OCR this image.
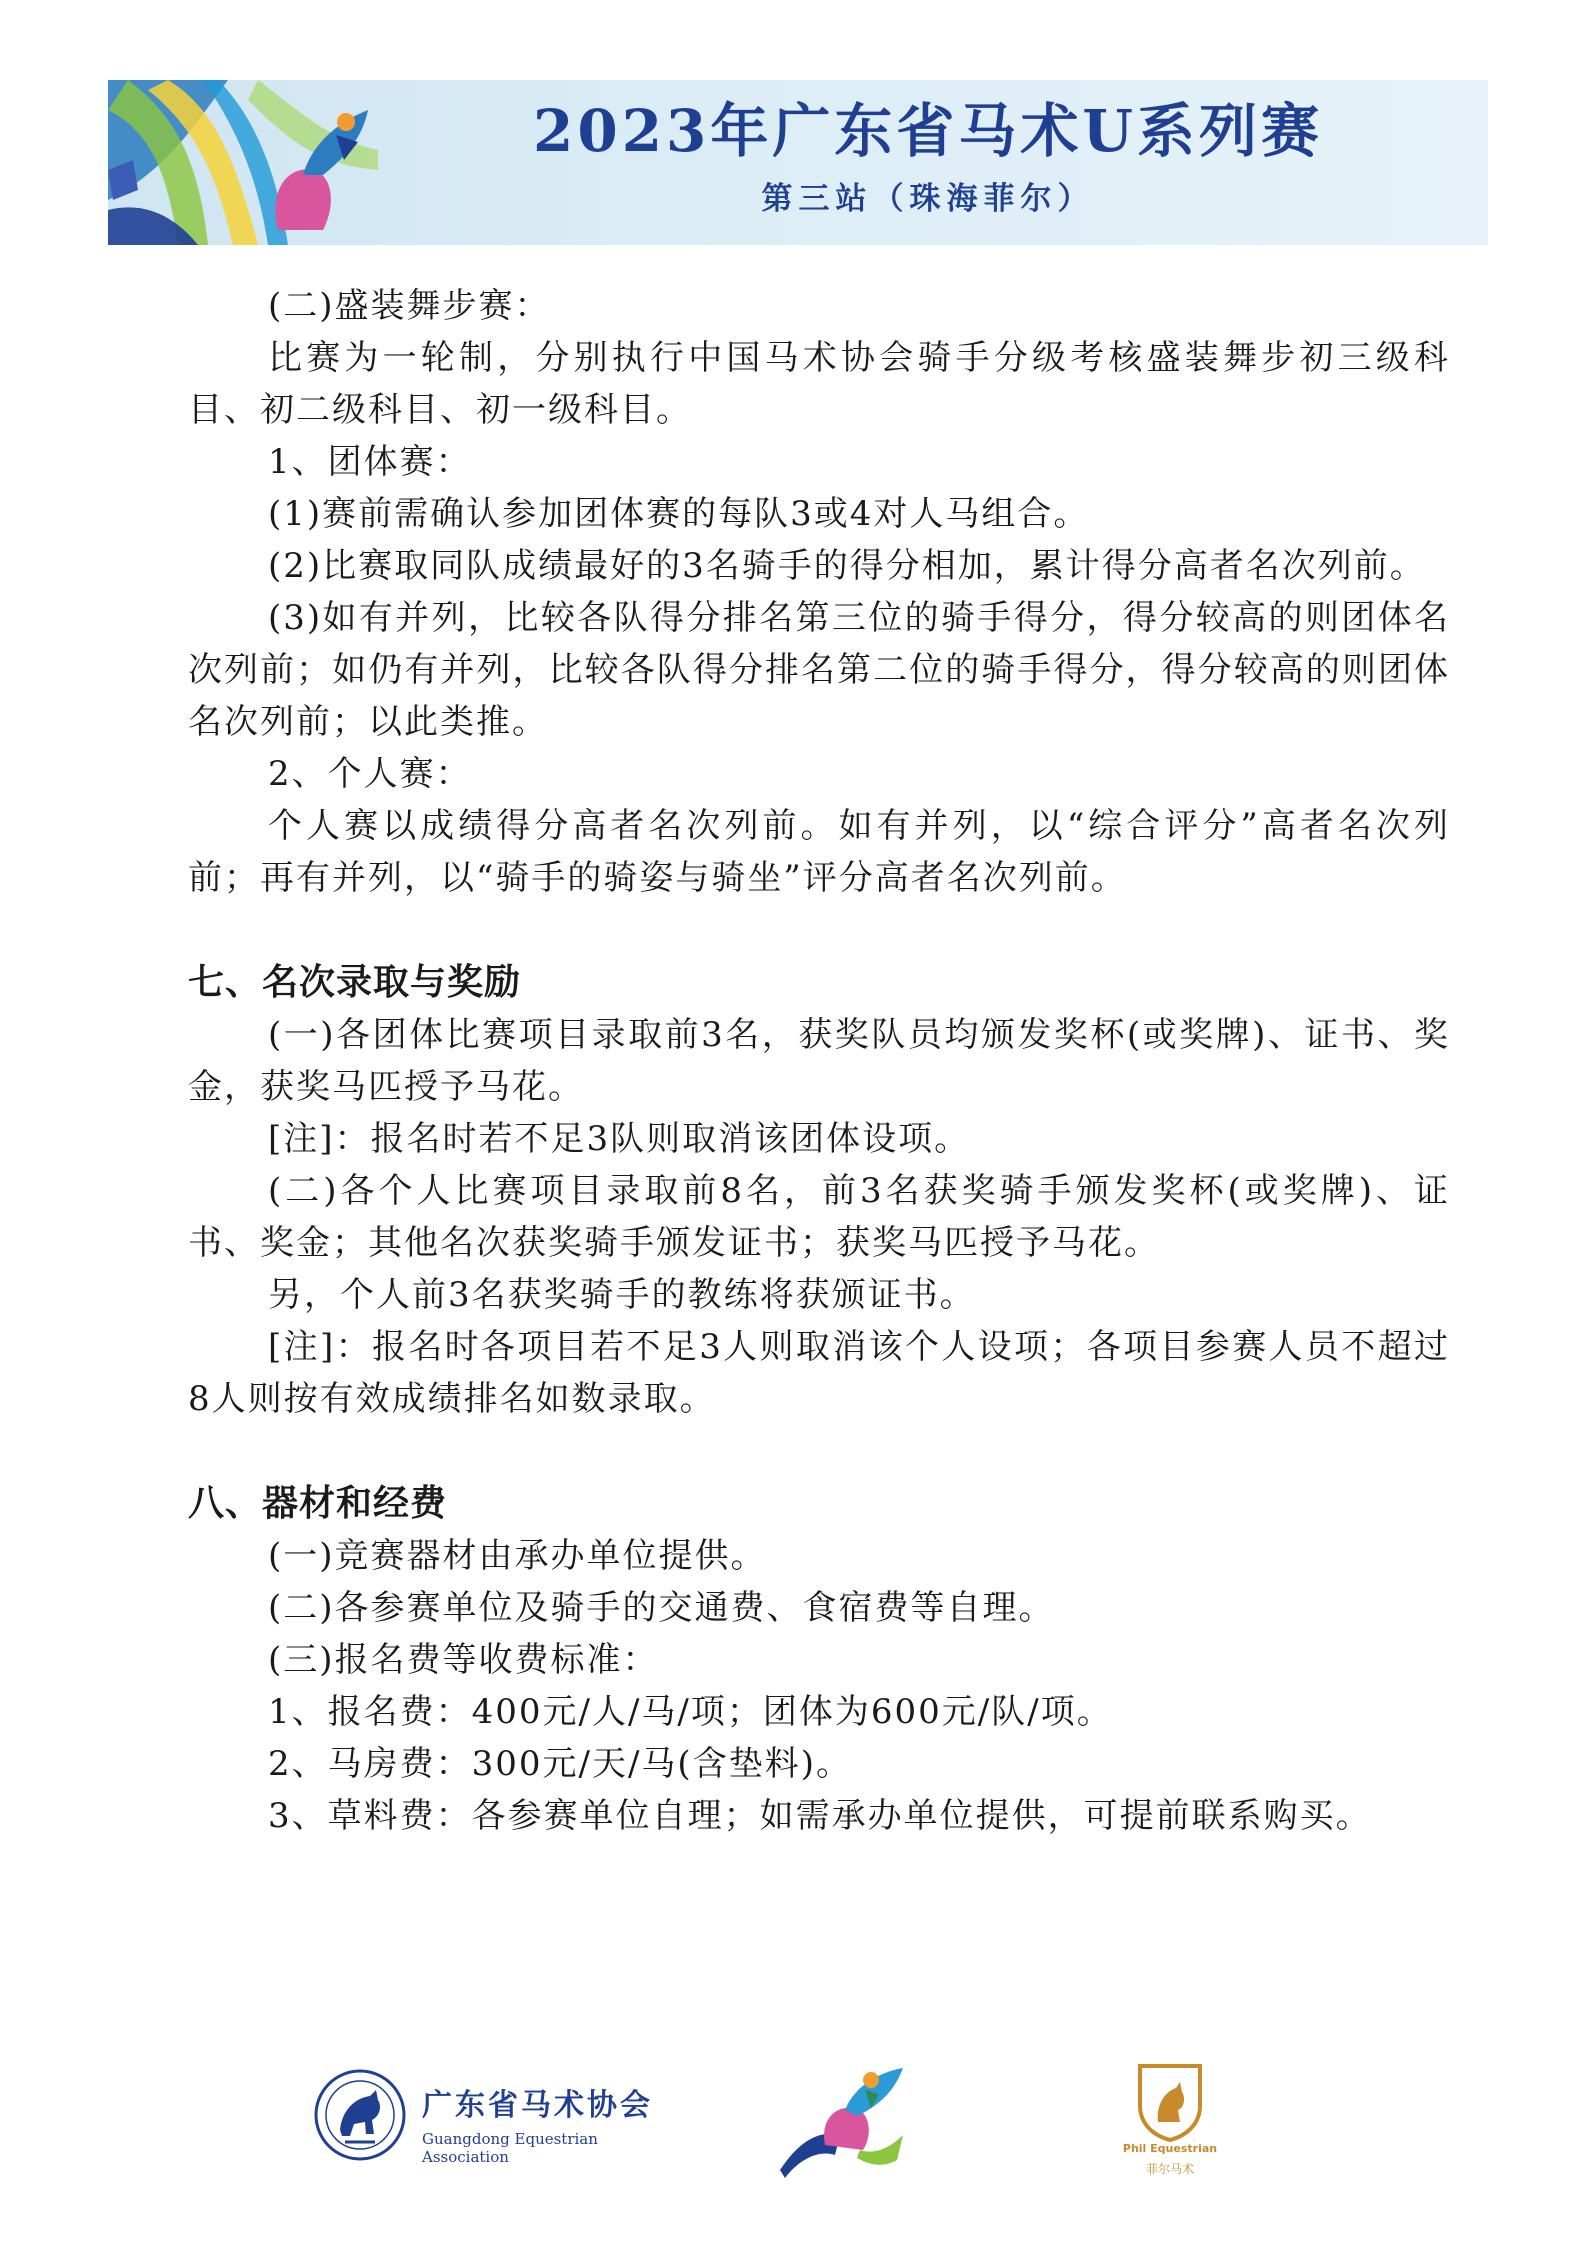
2023年广东省马术U系列赛
第三站（珠海菲尔）

(二)盛装舞步赛：

比赛为一轮制，分别执行中国马术协会骑手分级考核盛装舞步初三级科目、初二级科目、初一级科目。

1、团体赛：

(1)赛前需确认参加团体赛的每队3或4对人马组合。

(2)比赛取同队成绩最好的3名骑手的得分相加，累计得分高者名次列前。

(3)如有并列，比较各队得分排名第三位的骑手得分，得分较高的则团体名次列前；如仍有并列，比较各队得分排名第二位的骑手得分，得分较高的则团体名次列前；以此类推。

2、个人赛：

个人赛以成绩得分高者名次列前。如有并列，以“综合评分”高者名次列前；再有并列，以“骑手的骑姿与骑坐”评分高者名次列前。

七、名次录取与奖励

(一)各团体比赛项目录取前3名，获奖队员均颁发奖杯(或奖牌)、证书、奖金，获奖马匹授予马花。

[注]：报名时若不足3队则取消该团体设项。

(二)各个人比赛项目录取前8名，前3名获奖骑手颁发奖杯(或奖牌)、证书、奖金；其他名次获奖骑手颁发证书；获奖马匹授予马花。

另，个人前3名获奖骑手的教练将获颁证书。

[注]：报名时各项目若不足3人则取消该个人设项；各项目参赛人员不超过8人则按有效成绩排名如数录取。

八、器材和经费

(一)竞赛器材由承办单位提供。

(二)各参赛单位及骑手的交通费、食宿费等自理。

(三)报名费等收费标准：

1、报名费：400元/人/马/项；团体为600元/队/项。

2、马房费：300元/天/马(含垫料)。

3、草料费：各参赛单位自理；如需承办单位提供，可提前联系购买。

广东省马术协会
Guangdong Equestrian Association	Phil Equestrian
菲尔马术
